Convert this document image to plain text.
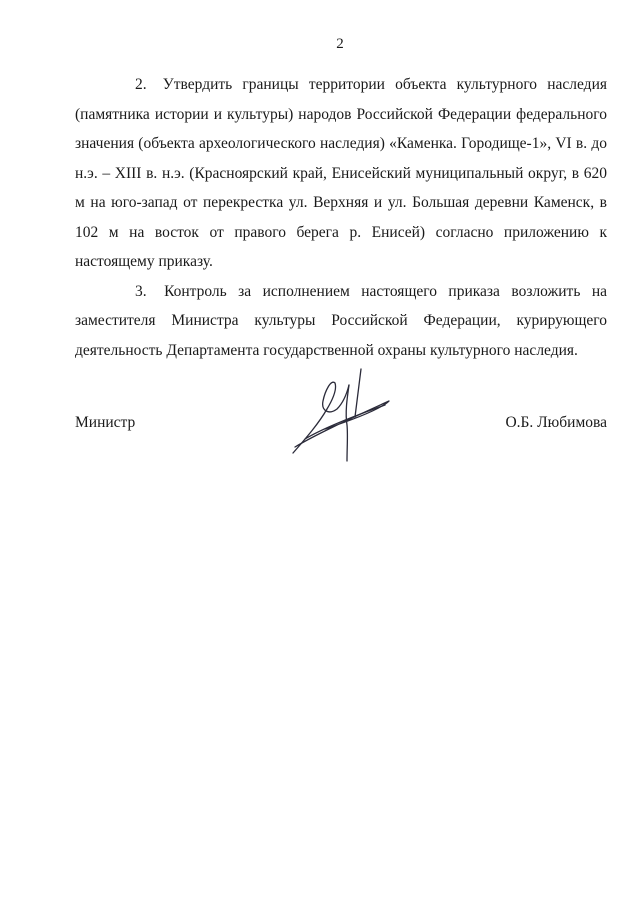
2

2. Утвердить границы территории объекта культурного наследия (памятника истории и культуры) народов Российской Федерации федерального значения (объекта археологического наследия) «Каменка. Городище-1», VI в. до н.э. – XIII в. н.э. (Красноярский край, Енисейский муниципальный округ, в 620 м на юго-запад от перекрестка ул. Верхняя и ул. Большая деревни Каменск, в 102 м на восток от правого берега р. Енисей) согласно приложению к настоящему приказу.

3. Контроль за исполнением настоящего приказа возложить на заместителя Министра культуры Российской Федерации, курирующего деятельность Департамента государственной охраны культурного наследия.

Министр	О.Б. Любимова
